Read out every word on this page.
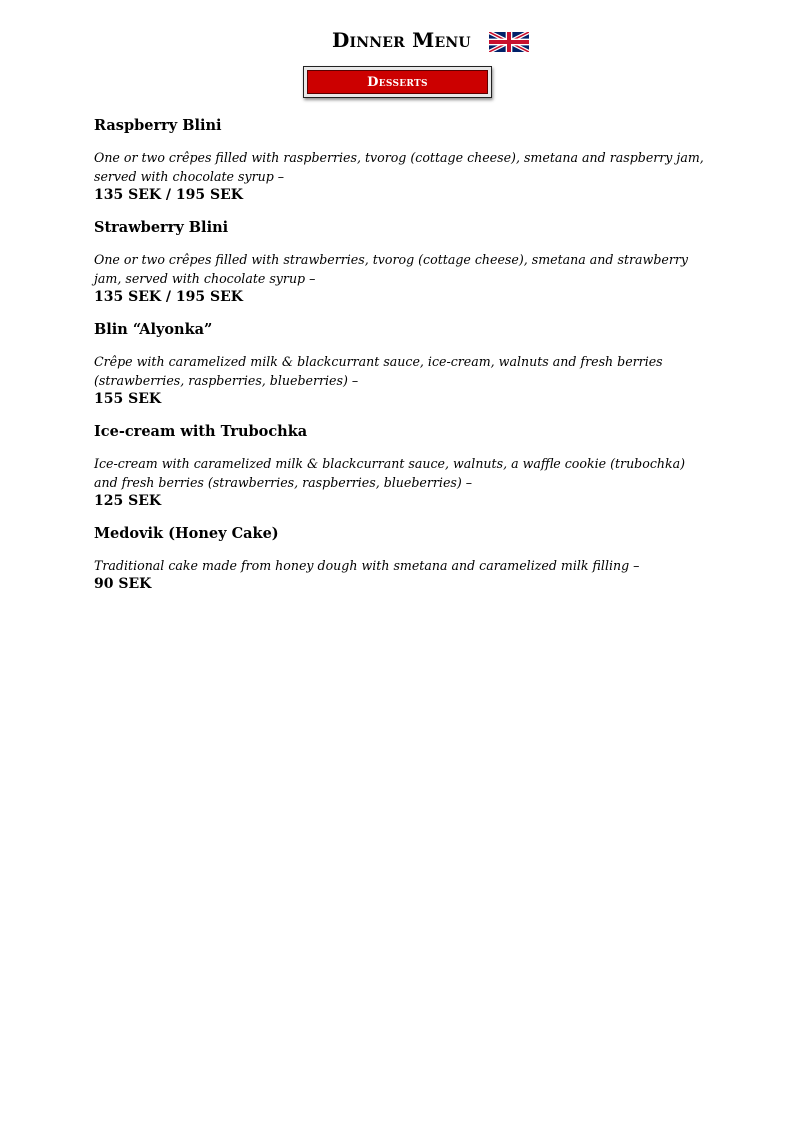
Dinner Menu
Desserts

Raspberry Blini

One or two crêpes filled with raspberries, tvorog (cottage cheese), smetana and raspberry jam, served with chocolate syrup –

135 SEK / 195 SEK

Strawberry Blini

One or two crêpes filled with strawberries, tvorog (cottage cheese), smetana and strawberry jam, served with chocolate syrup –

135 SEK / 195 SEK

Blin “Alyonka”

Crêpe with caramelized milk & blackcurrant sauce, ice-cream, walnuts and fresh berries (strawberries, raspberries, blueberries) –

155 SEK

Ice-cream with Trubochka

Ice-cream with caramelized milk & blackcurrant sauce, walnuts, a waffle cookie (trubochka) and fresh berries (strawberries, raspberries, blueberries) –

125 SEK

Medovik (Honey Cake)

Traditional cake made from honey dough with smetana and caramelized milk filling –

90 SEK
